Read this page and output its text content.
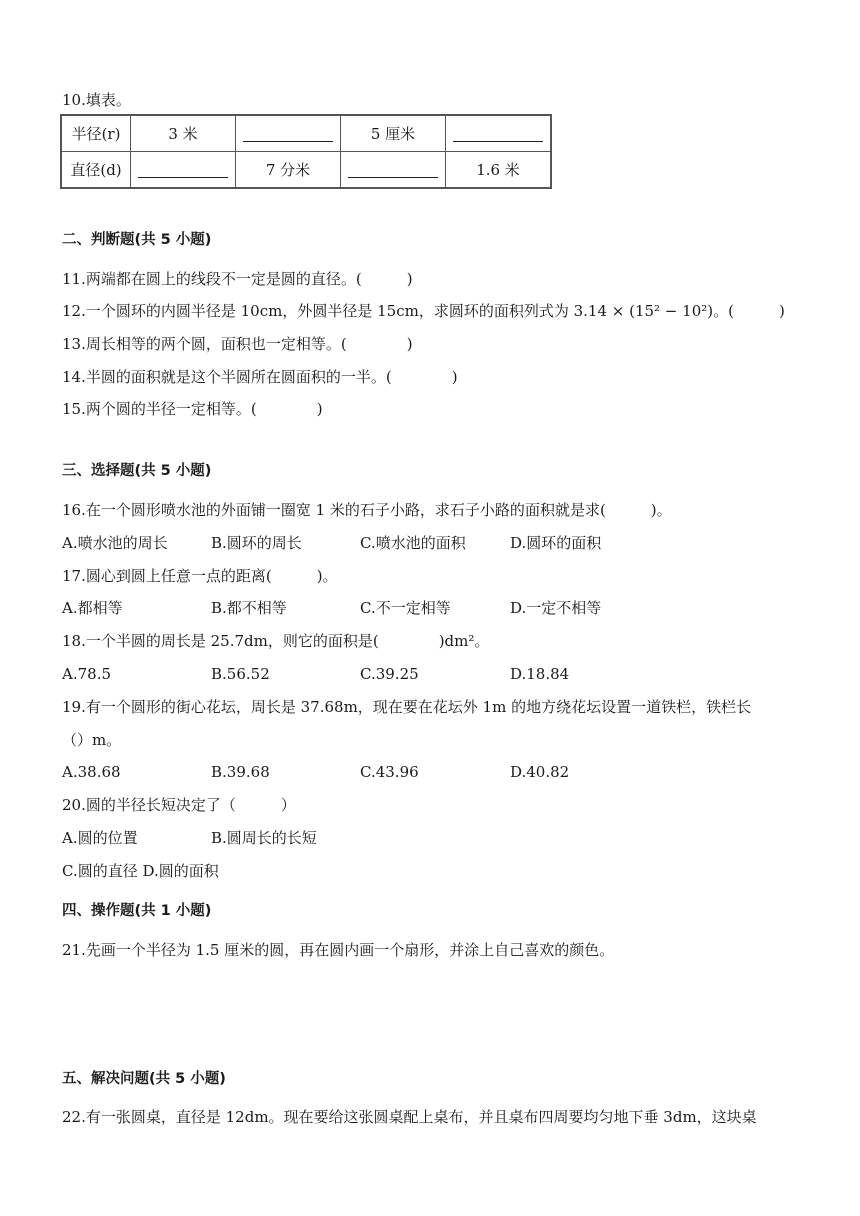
10.填表。
半径(r)	3 米		5 厘米	
直径(d)		7 分米		1.6 米
二、判断题(共 5 小题)
11.两端都在圆上的线段不一定是圆的直径。(　　　)
12.一个圆环的内圆半径是 10cm，外圆半径是 15cm，求圆环的面积列式为 3.14 × (15² − 10²)。(　　　)
13.周长相等的两个圆，面积也一定相等。(　　　　)
14.半圆的面积就是这个半圆所在圆面积的一半。(　　　　)
15.两个圆的半径一定相等。(　　　　)
三、选择题(共 5 小题)
16.在一个圆形喷水池的外面铺一圈宽 1 米的石子小路，求石子小路的面积就是求(　　　)。
A.喷水池的周长	B.圆环的周长	C.喷水池的面积	D.圆环的面积
17.圆心到圆上任意一点的距离(　　　)。
A.都相等	B.都不相等	C.不一定相等	D.一定不相等
18.一个半圆的周长是 25.7dm，则它的面积是(　　　　)dm²。
A.78.5	B.56.52	C.39.25	D.18.84
19.有一个圆形的街心花坛，周长是 37.68m，现在要在花坛外 1m 的地方绕花坛设置一道铁栏，铁栏长
（）m。
A.38.68	B.39.68	C.43.96	D.40.82
20.圆的半径长短决定了（　　　）
A.圆的位置	B.圆周长的长短
C.圆的直径 D.圆的面积
四、操作题(共 1 小题)
21.先画一个半径为 1.5 厘米的圆，再在圆内画一个扇形，并涂上自己喜欢的颜色。
五、解决问题(共 5 小题)
22.有一张圆桌，直径是 12dm。现在要给这张圆桌配上桌布，并且桌布四周要均匀地下垂 3dm，这块桌
